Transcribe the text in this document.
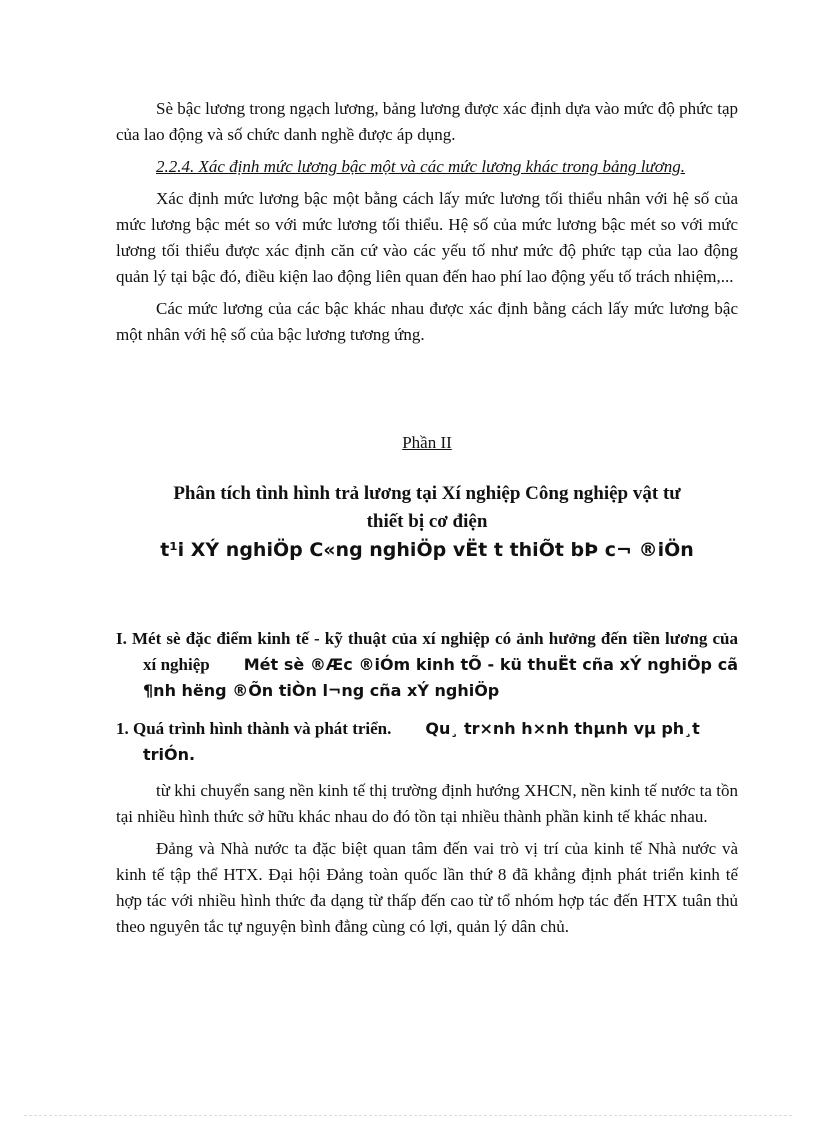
Sè bậc lương trong ngạch lương, bảng lương được xác định dựa vào mức độ phức tạp của lao động và số chức danh nghề được áp dụng.

2.2.4. Xác định mức lương bậc một và các mức lương khác trong bảng lương.

Xác định mức lương bậc một bằng cách lấy mức lương tối thiểu nhân với hệ số của mức lương bậc mét so với mức lương tối thiểu. Hệ số của mức lương bậc mét so với mức lương tối thiểu được xác định căn cứ vào các yếu tố như mức độ phức tạp của lao động quản lý tại bậc đó, điều kiện lao động liên quan đến hao phí lao động yếu tố trách nhiệm,...

Các mức lương của các bậc khác nhau được xác định bằng cách lấy mức lương bậc một nhân với hệ số của bậc lương tương ứng.

Phần II

Phân tích tình hình trả lương tại Xí nghiệp Công nghiệp vật tư
thiết bị cơ điện
t¹i XÝ nghiÖp C«ng nghiÖp vËt t thiÕt bÞ c¬ ®iÖn

I. Mét sè đặc điểm kinh tế - kỹ thuật của xí nghiệp có ảnh hưởng đến tiền lương của xí nghiệp Mét sè ®Æc ®iÓm kinh tÕ - kü thuËt cña xÝ nghiÖp cã ¶nh hëng ®Õn tiÒn l¬ng cña xÝ nghiÖp

1. Quá trình hình thành và phát triển. Qu¸ tr×nh h×nh thµnh vµ ph¸t triÓn.

từ khi chuyển sang nền kinh tế thị trường định hướng XHCN, nền kinh tế nước ta tồn tại nhiều hình thức sở hữu khác nhau do đó tồn tại nhiều thành phần kinh tế khác nhau.

Đảng và Nhà nước ta đặc biệt quan tâm đến vai trò vị trí của kinh tế Nhà nước và kinh tế tập thể HTX. Đại hội Đảng toàn quốc lần thứ 8 đã khẳng định phát triển kinh tế hợp tác với nhiều hình thức đa dạng từ thấp đến cao từ tổ nhóm hợp tác đến HTX tuân thủ theo nguyên tắc tự nguyện bình đẳng cùng có lợi, quản lý dân chủ.
